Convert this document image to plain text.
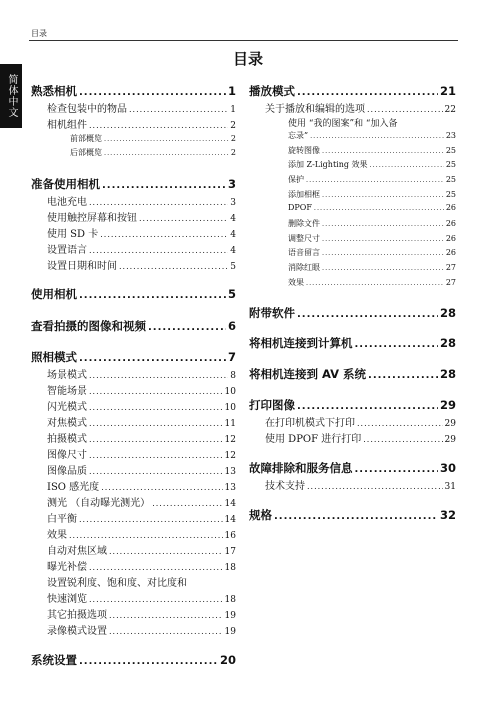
目录
简体中文
目录
熟悉相机 .....	1
检查包装中的物品 .....	1
相机组件 .....	2
前部概览 .....	2
后部概览 .....	2
准备使用相机 .....	3
电池充电 .....	3
使用触控屏幕和按钮 .....	4
使用 SD 卡 .....	4
设置语言 .....	4
设置日期和时间 .....	5
使用相机 .....	5
查看拍摄的图像和视频 .....	6
照相模式 .....	7
场景模式 .....	8
智能场景 .....	10
闪光模式 .....	10
对焦模式 .....	11
拍摄模式 .....	12
图像尺寸 .....	12
图像品质 .....	13
ISO 感光度 .....	13
测光 （自动曝光测光） .....	14
白平衡 .....	14
效果 .....	16
自动对焦区域 .....	17
曝光补偿 .....	18
设置锐利度、饱和度、对比度和
快速浏览 .....	18
其它拍摄选项 .....	19
录像模式设置 .....	19
系统设置 .....	20
播放模式 .....	21
关于播放和编辑的选项 .....	22
使用 “我的图案”和 “加入备
忘录” .....	23
旋转图像 .....	25
添加 Z-Lighting 效果 .....	25
保护 .....	25
添加相框 .....	25
DPOF .....	26
删除文件 .....	26
调整尺寸 .....	26
语音留言 .....	26
消除红眼 .....	27
效果 .....	27
附带软件 .....	28
将相机连接到计算机 .....	28
将相机连接到 AV 系统 .....	28
打印图像 .....	29
在打印机模式下打印 .....	29
使用 DPOF 进行打印 .....	29
故障排除和服务信息 .....	30
技术支持 .....	31
规格 .....	32
